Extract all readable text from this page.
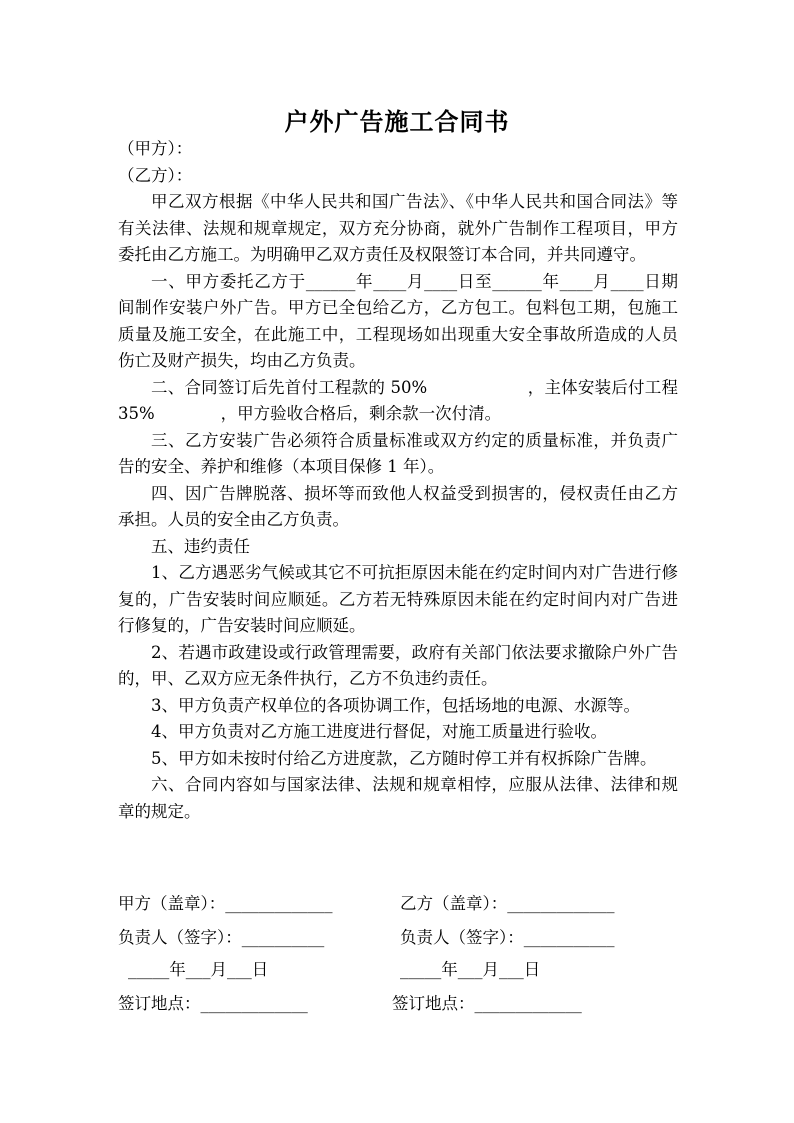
户外广告施工合同书

（甲方）：

（乙方）：

甲乙双方根据《中华人民共和国广告法》、《中华人民共和国合同法》等有关法律、法规和规章规定，双方充分协商，就外广告制作工程项目，甲方委托由乙方施工。为明确甲乙双方责任及权限签订本合同，并共同遵守。

一、甲方委托乙方于______年____月____日至______年____月____日期间制作安装户外广告。甲方已全包给乙方，乙方包工。包料包工期，包施工质量及施工安全，在此施工中，工程现场如出现重大安全事故所造成的人员伤亡及财产损失，均由乙方负责。

二、合同签订后先首付工程款的 50%　　　　　　，主体安装后付工程 35%　　　　，甲方验收合格后，剩余款一次付清。

三、乙方安装广告必须符合质量标准或双方约定的质量标准，并负责广告的安全、养护和维修（本项目保修 1 年）。

四、因广告牌脱落、损坏等而致他人权益受到损害的，侵权责任由乙方承担。人员的安全由乙方负责。

五、违约责任

1、乙方遇恶劣气候或其它不可抗拒原因未能在约定时间内对广告进行修复的，广告安装时间应顺延。乙方若无特殊原因未能在约定时间内对广告进行修复的，广告安装时间应顺延。

2、若遇市政建设或行政管理需要，政府有关部门依法要求撤除户外广告的，甲、乙双方应无条件执行，乙方不负违约责任。

3、甲方负责产权单位的各项协调工作，包括场地的电源、水源等。

4、甲方负责对乙方施工进度进行督促，对施工质量进行验收。

5、甲方如未按时付给乙方进度款，乙方随时停工并有权拆除广告牌。

六、合同内容如与国家法律、法规和规章相悖，应服从法律、法律和规章的规定。

甲方（盖章）：_____________	乙方（盖章）：_____________
负责人（签字）：__________	负责人（签字）：___________
_____年___月___日	_____年___月___日
签订地点：_____________	签订地点：_____________
